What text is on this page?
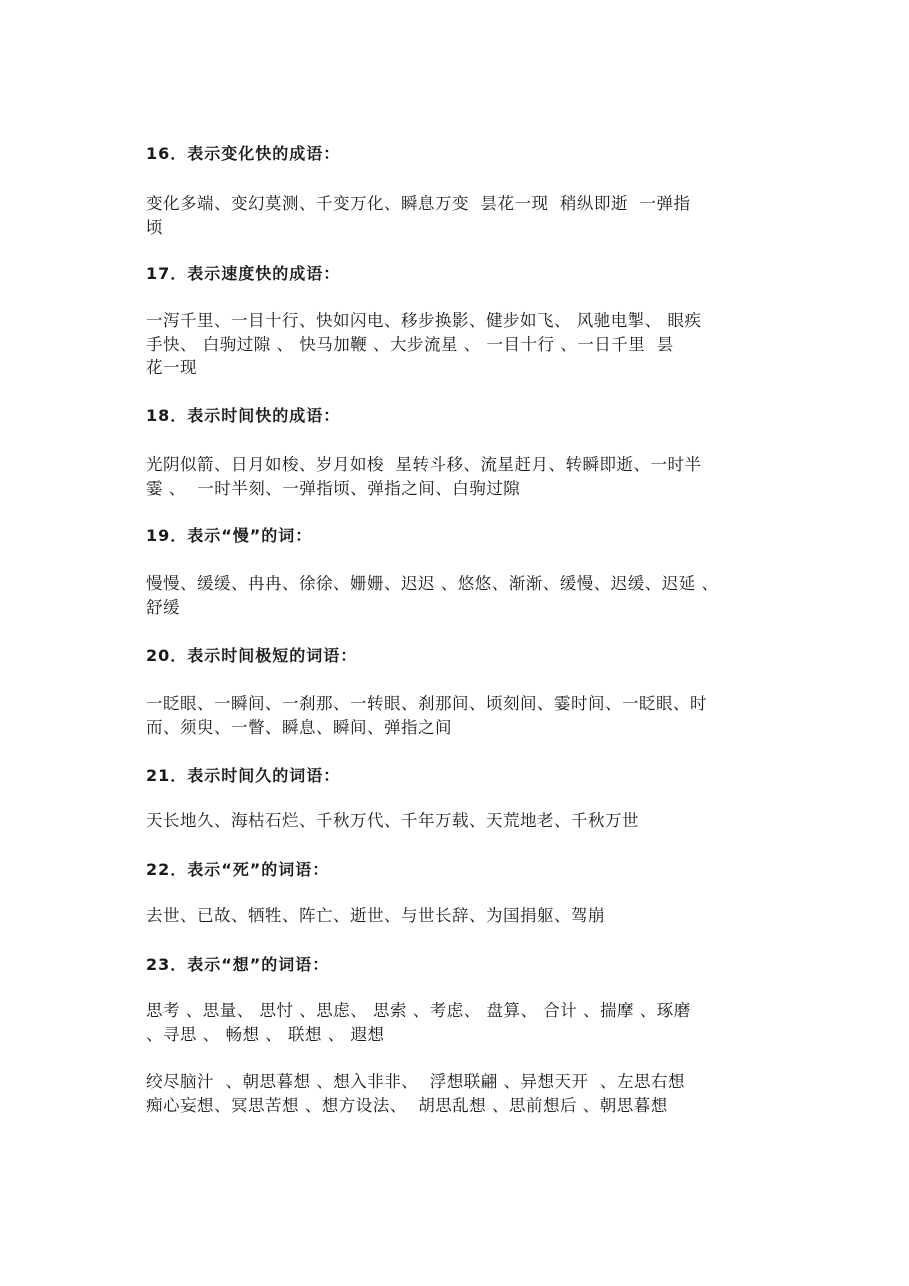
16．表示变化快的成语：
变化多端、变幻莫测、千变万化、瞬息万变  昙花一现  稍纵即逝  一弹指
顷
17．表示速度快的成语：
一泻千里、一目十行、快如闪电、移步换影、健步如飞、 风驰电掣、 眼疾
手快、 白驹过隙 、 快马加鞭 、大步流星 、 一目十行 、一日千里  昙
花一现
18．表示时间快的成语：
光阴似箭、日月如梭、岁月如梭  星转斗移、流星赶月、转瞬即逝、一时半
霎 、  一时半刻、一弹指顷、弹指之间、白驹过隙
19．表示“慢”的词：
慢慢、缓缓、冉冉、徐徐、姗姗、迟迟 、悠悠、渐渐、缓慢、迟缓、迟延 、
舒缓
20．表示时间极短的词语：
一眨眼、一瞬间、一刹那、一转眼、刹那间、顷刻间、霎时间、一眨眼、时
而、须臾、一瞥、瞬息、瞬间、弹指之间
21．表示时间久的词语：
天长地久、海枯石烂、千秋万代、千年万载、天荒地老、千秋万世
22．表示“死”的词语：
去世、已故、牺牲、阵亡、逝世、与世长辞、为国捐躯、驾崩
23．表示“想”的词语：
思考 、思量、 思忖 、思虑、 思索 、考虑、 盘算、 合计 、揣摩 、琢磨
、寻思 、 畅想 、 联想 、 遐想
绞尽脑汁  、朝思暮想 、想入非非、  浮想联翩 、异想天开  、左思右想
痴心妄想、冥思苦想 、想方设法、  胡思乱想 、思前想后 、朝思暮想
